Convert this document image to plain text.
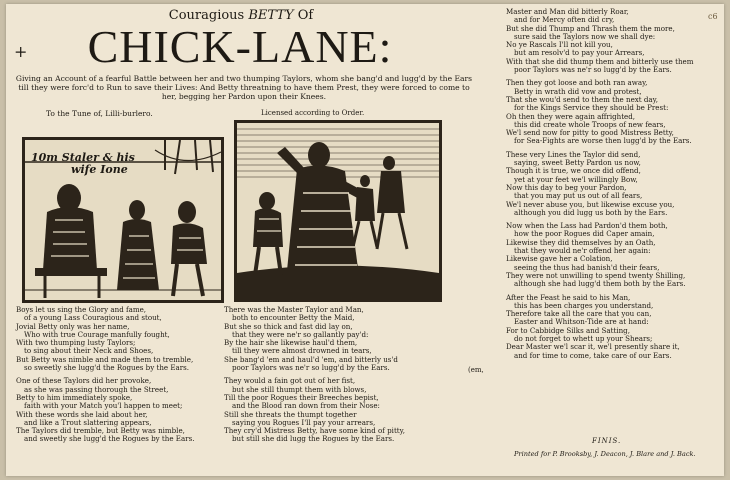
c6
Couragious BETTY Of
+	CHICK-LANE:
Giving an Account of a fearful Battle between her and two thumping Taylors, whom she bang'd and lugg'd by the Ears till they were forc'd to Run to save their Lives: And Betty threatning to have them Prest, they were forced to come to her, begging her Pardon upon their Knees.
To the Tune of, Lilli-burlero.	Licensed according to Order.
10m Staler & his
wife Ione
Boys let us sing the Glory and fame,
of a young Lass Couragious and stout,
Jovial Betty only was her name,
Who with true Courage manfully fought,
With two thumping lusty Taylors;
to sing about their Neck and Shoes,
But Betty was nimble and made them to tremble,
so sweetly she lugg'd the Rogues by the Ears.
One of these Taylors did her provoke,
as she was passing thorough the Street,
Betty to him immediately spoke,
faith with your Match you'l happen to meet;
With these words she laid about her,
and like a Trout slattering appears,
The Taylors did tremble, but Betty was nimble,
and sweetly she lugg'd the Rogues by the Ears.
There was the Master Taylor and Man,
both to encounter Betty the Maid,
But she so thick and fast did lay on,
that they were ne'r so gallantly pay'd:
By the hair she likewise haul'd them,
till they were almost drowned in tears,
She bang'd 'em and haul'd 'em, and bitterly us'd
poor Taylors was ne'r so lugg'd by the Ears.
They would a fain got out of her fist,
but she still thumpt them with blows,
Till the poor Rogues their Breeches bepist,
and the Blood ran down from their Nose:
Still she threats the thumpt together
saying you Rogues I'll pay your arrears,
They cry'd Mistress Betty, have some kind of pitty,
but still she did lugg the Rogues by the Ears.
(em,
Master and Man did bitterly Roar,
and for Mercy often did cry,
But she did Thump and Thrash them the more,
sure said the Taylors now we shall dye:
No ye Rascals I'll not kill you,
but am resolv'd to pay your Arrears,
With that she did thump them and bitterly use them
poor Taylors was ne'r so lugg'd by the Ears.
Then they got loose and both ran away,
Betty in wrath did vow and protest,
That she wou'd send to them the next day,
for the Kings Service they should be Prest:
Oh then they were again affrighted,
this did create whole Troops of new fears,
We'l send now for pitty to good Mistress Betty,
for Sea-Fights are worse then lugg'd by the Ears.
These very Lines the Taylor did send,
saying, sweet Betty Pardon us now,
Though it is true, we once did offend,
yet at your feet we'l willingly Bow,
Now this day to beg your Pardon,
that you may put us out of all fears,
We'l never abuse you, but likewise excuse you,
although you did lugg us both by the Ears.
Now when the Lass had Pardon'd them both,
how the poor Rogues did Caper amain,
Likewise they did themselves by an Oath,
that they would ne'r offend her again:
Likewise gave her a Colation,
seeing the thus had banish'd their fears,
They were not unwilling to spend twenty Shilling,
although she had lugg'd them both by the Ears.
After the Feast he said to his Man,
this has been charges you understand,
Therefore take all the care that you can,
Easter and Whitson-Tide are at hand:
For to Cabbidge Silks and Satting,
do not forget to whett up your Shears;
Dear Master we'l scar it, we'l presently share it,
and for time to come, take care of our Ears.
FINIS.
Printed for P. Brooksby, J. Deacon, J. Blare and J. Back.
